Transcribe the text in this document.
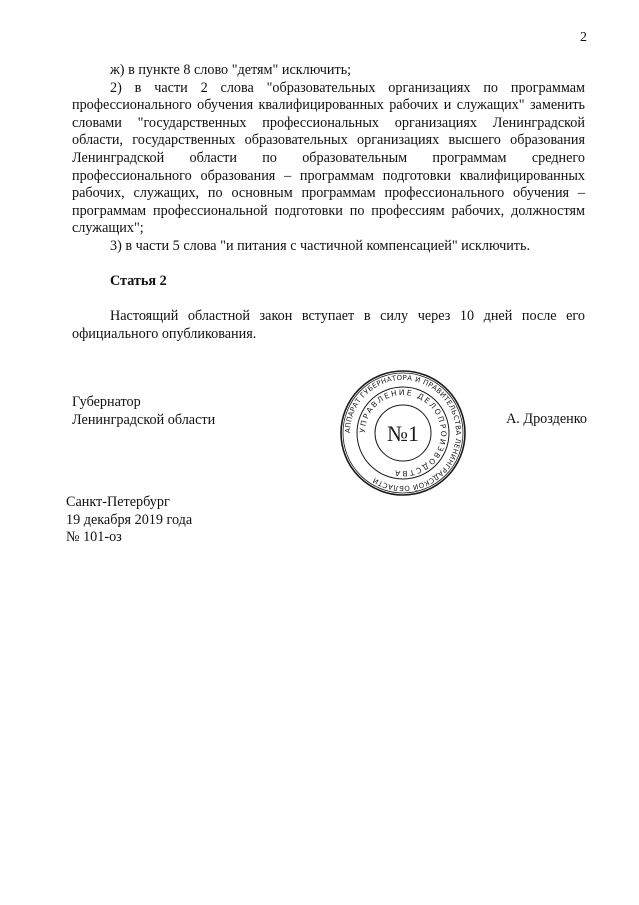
2

ж) в пункте 8 слово "детям" исключить;

2) в части 2 слова "образовательных организациях по программам профессионального обучения квалифицированных рабочих и служащих" заменить словами "государственных профессиональных организациях Ленинградской области, государственных образовательных организациях высшего образования Ленинградской области по образовательным программам среднего профессионального образования – программам подготовки квалифицированных рабочих, служащих, по основным программам профессионального обучения – программам профессиональной подготовки по профессиям рабочих, должностям служащих";

3) в части 5 слова "и питания с частичной компенсацией" исключить.

Статья 2

Настоящий областной закон вступает в силу через 10 дней после его официального опубликования.

Губернатор
Ленинградской области
АППАРАТ ГУБЕРНАТОРА И ПРАВИТЕЛЬСТВА ЛЕНИНГРАДСКОЙ ОБЛАСТИ
УПРАВЛЕНИЕ ДЕЛОПРОИЗВОДСТВА
№1
А. Дрозденко
Санкт-Петербург
19 декабря 2019 года
№ 101-оз
